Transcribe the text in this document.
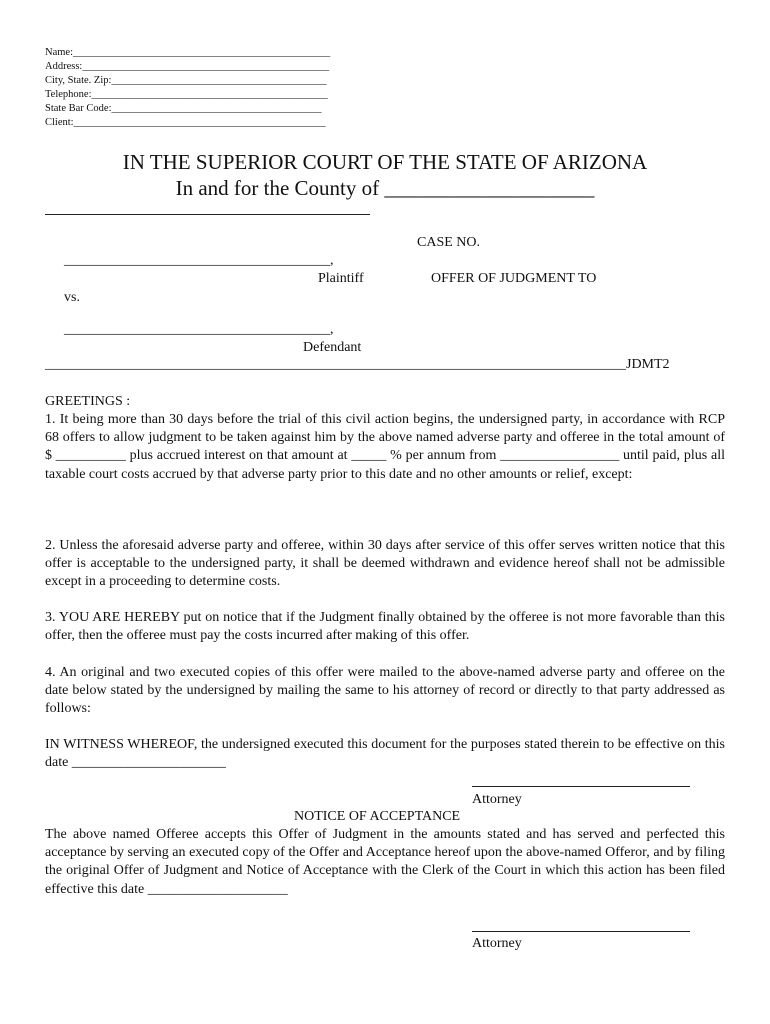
Name:_________________________________________________
Address:_______________________________________________
City, State. Zip:_________________________________________
Telephone:_____________________________________________
State Bar Code:________________________________________
Client:________________________________________________
IN THE SUPERIOR COURT OF THE STATE OF ARIZONA
In and for the County of ____________________
CASE NO.
______________________________________,
Plaintiff	OFFER OF JUDGMENT TO
vs.
______________________________________,
Defendant
___________________________________________________________________________________JDMT2
GREETINGS :
1. It being more than 30 days before the trial of this civil action begins, the undersigned party, in accordance with RCP 68 offers to allow judgment to be taken against him by the above named adverse party and offeree in the total amount of $ __________ plus accrued interest on that amount at _____ % per annum from _________________ until paid, plus all taxable court costs accrued by that adverse party prior to this date and no other amounts or relief, except:
2. Unless the aforesaid adverse party and offeree, within 30 days after service of this offer serves written notice that this offer is acceptable to the undersigned party, it shall be deemed withdrawn and evidence hereof shall not be admissible except in a proceeding to determine costs.
3. YOU ARE HEREBY put on notice that if the Judgment finally obtained by the offeree is not more favorable than this offer, then the offeree must pay the costs incurred after making of this offer.
4. An original and two executed copies of this offer were mailed to the above-named adverse party and offeree on the date below stated by the undersigned by mailing the same to his attorney of record or directly to that party addressed as follows:
IN WITNESS WHEREOF, the undersigned executed this document for the purposes stated therein to be effective on this date ______________________
Attorney
NOTICE OF ACCEPTANCE
The above named Offeree accepts this Offer of Judgment in the amounts stated and has served and perfected this acceptance by serving an executed copy of the Offer and Acceptance hereof upon the above-named Offeror, and by filing the original Offer of Judgment and Notice of Acceptance with the Clerk of the Court in which this action has been filed effective this date ____________________
Attorney
